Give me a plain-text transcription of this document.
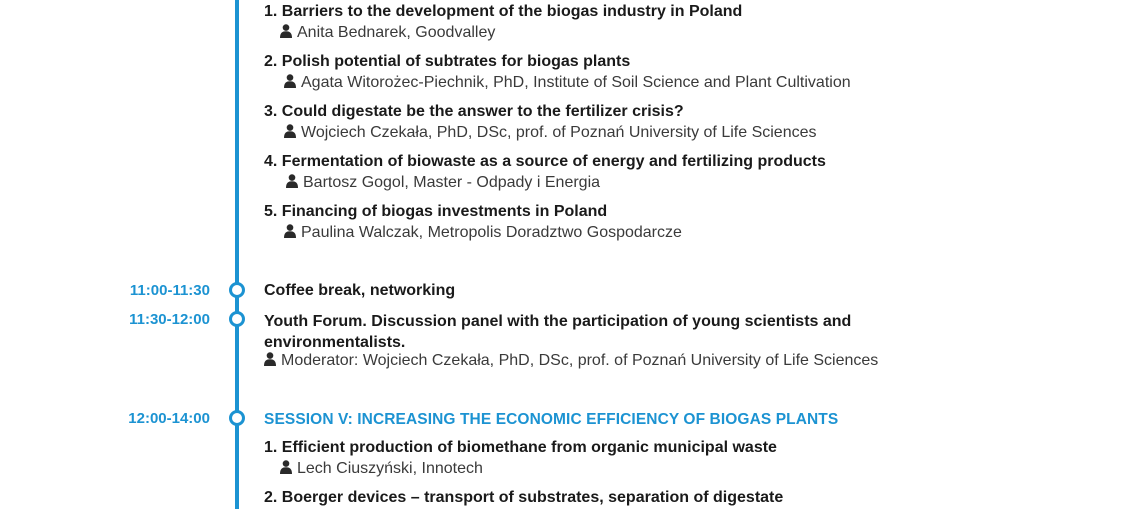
1. Barriers to the development of the biogas industry in Poland
Anita Bednarek, Goodvalley
2. Polish potential of subtrates for biogas plants
Agata Witorożec-Piechnik, PhD, Institute of Soil Science and Plant Cultivation
3. Could digestate be the answer to the fertilizer crisis?
Wojciech Czekała, PhD, DSc, prof. of Poznań University of Life Sciences
4. Fermentation of biowaste as a source of energy and fertilizing products
Bartosz Gogol, Master - Odpady i Energia
5. Financing of biogas investments in Poland
Paulina Walczak, Metropolis Doradztwo Gospodarcze
11:00-11:30	Coffee break, networking
11:30-12:00	Youth Forum. Discussion panel with the participation of young scientists and environmentalists.
Moderator: Wojciech Czekała, PhD, DSc, prof. of Poznań University of Life Sciences
12:00-14:00	SESSION V: INCREASING THE ECONOMIC EFFICIENCY OF BIOGAS PLANTS
1. Efficient production of biomethane from organic municipal waste
Lech Ciuszyński, Innotech
2. Boerger devices – transport of substrates, separation of digestate
